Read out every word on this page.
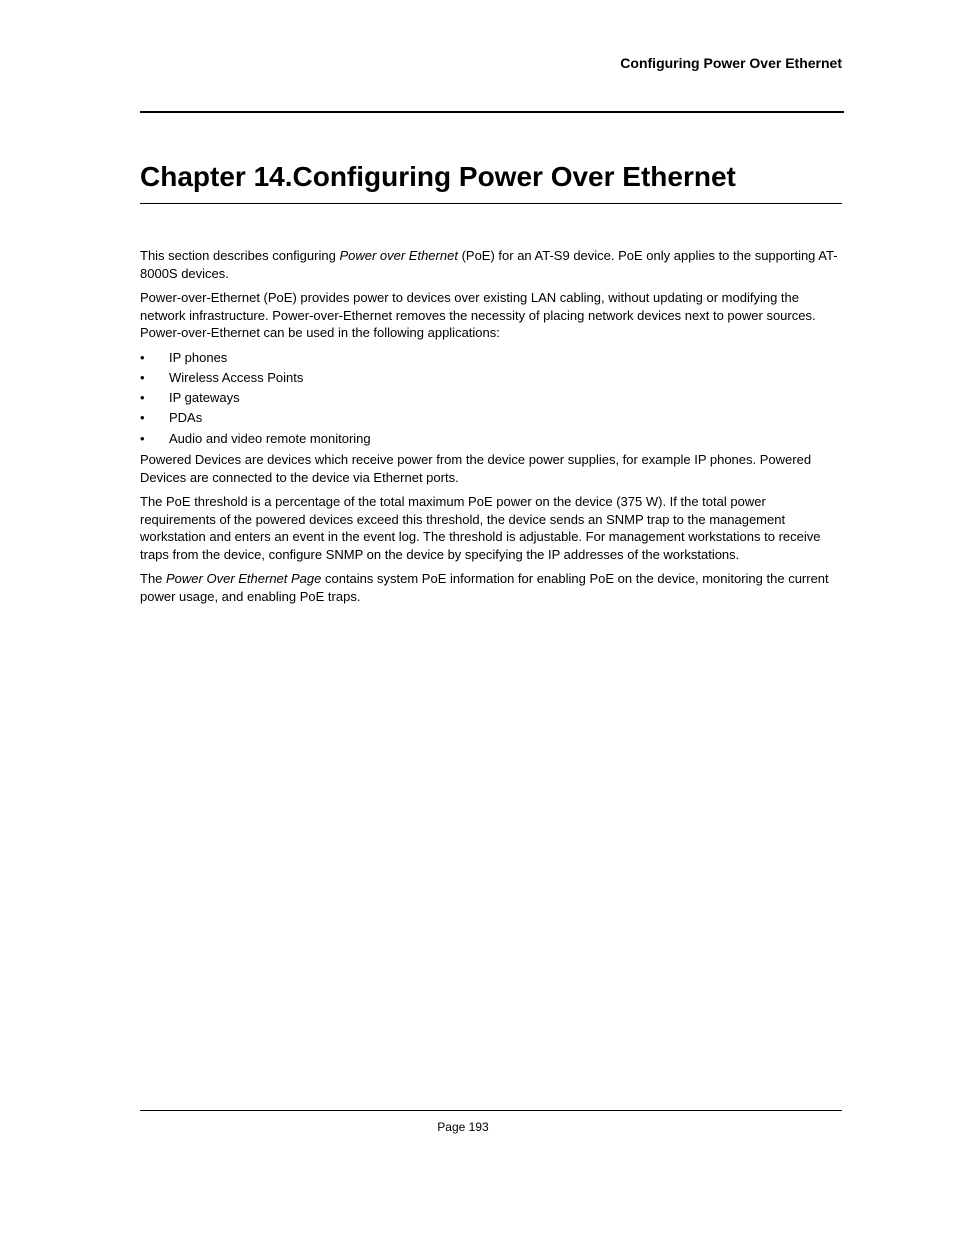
Configuring Power Over Ethernet
Chapter 14.Configuring Power Over Ethernet

This section describes configuring Power over Ethernet (PoE) for an AT-S9 device. PoE only applies to the supporting AT-8000S devices.

Power-over-Ethernet (PoE) provides power to devices over existing LAN cabling, without updating or modifying the network infrastructure. Power-over-Ethernet removes the necessity of placing network devices next to power sources. Power-over-Ethernet can be used in the following applications:

• IP phones
• Wireless Access Points
• IP gateways
• PDAs
• Audio and video remote monitoring

Powered Devices are devices which receive power from the device power supplies, for example IP phones. Powered Devices are connected to the device via Ethernet ports.

The PoE threshold is a percentage of the total maximum PoE power on the device (375 W). If the total power requirements of the powered devices exceed this threshold, the device sends an SNMP trap to the management workstation and enters an event in the event log. The threshold is adjustable. For management workstations to receive traps from the device, configure SNMP on the device by specifying the IP addresses of the workstations.

The Power Over Ethernet Page contains system PoE information for enabling PoE on the device, monitoring the current power usage, and enabling PoE traps.

Page 193
